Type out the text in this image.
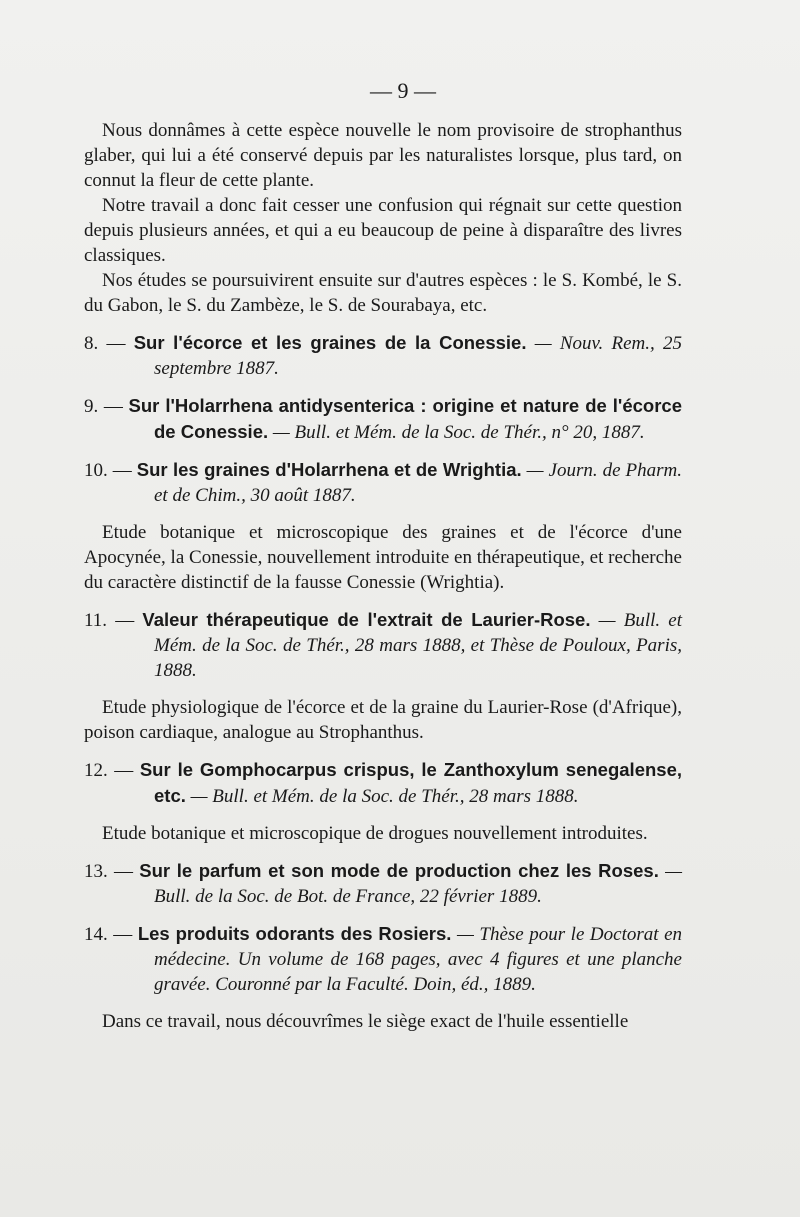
— 9 —

Nous donnâmes à cette espèce nouvelle le nom provisoire de strophanthus glaber, qui lui a été conservé depuis par les naturalistes lorsque, plus tard, on connut la fleur de cette plante.

Notre travail a donc fait cesser une confusion qui régnait sur cette question depuis plusieurs années, et qui a eu beaucoup de peine à disparaître des livres classiques.

Nos études se poursuivirent ensuite sur d'autres espèces : le S. Kombé, le S. du Gabon, le S. du Zambèze, le S. de Sourabaya, etc.

8. — Sur l'écorce et les graines de la Conessie. — Nouv. Rem., 25 septembre 1887.

9. — Sur l'Holarrhena antidysenterica : origine et nature de l'écorce de Conessie. — Bull. et Mém. de la Soc. de Thér., n° 20, 1887.

10. — Sur les graines d'Holarrhena et de Wrightia. — Journ. de Pharm. et de Chim., 30 août 1887.

Etude botanique et microscopique des graines et de l'écorce d'une Apocynée, la Conessie, nouvellement introduite en thérapeutique, et recherche du caractère distinctif de la fausse Conessie (Wrightia).

11. — Valeur thérapeutique de l'extrait de Laurier-Rose. — Bull. et Mém. de la Soc. de Thér., 28 mars 1888, et Thèse de Pouloux, Paris, 1888.

Etude physiologique de l'écorce et de la graine du Laurier-Rose (d'Afrique), poison cardiaque, analogue au Strophanthus.

12. — Sur le Gomphocarpus crispus, le Zanthoxylum senegalense, etc. — Bull. et Mém. de la Soc. de Thér., 28 mars 1888.

Etude botanique et microscopique de drogues nouvellement introduites.

13. — Sur le parfum et son mode de production chez les Roses. — Bull. de la Soc. de Bot. de France, 22 février 1889.

14. — Les produits odorants des Rosiers. — Thèse pour le Doctorat en médecine. Un volume de 168 pages, avec 4 figures et une planche gravée. Couronné par la Faculté. Doin, éd., 1889.

Dans ce travail, nous découvrîmes le siège exact de l'huile essentielle
